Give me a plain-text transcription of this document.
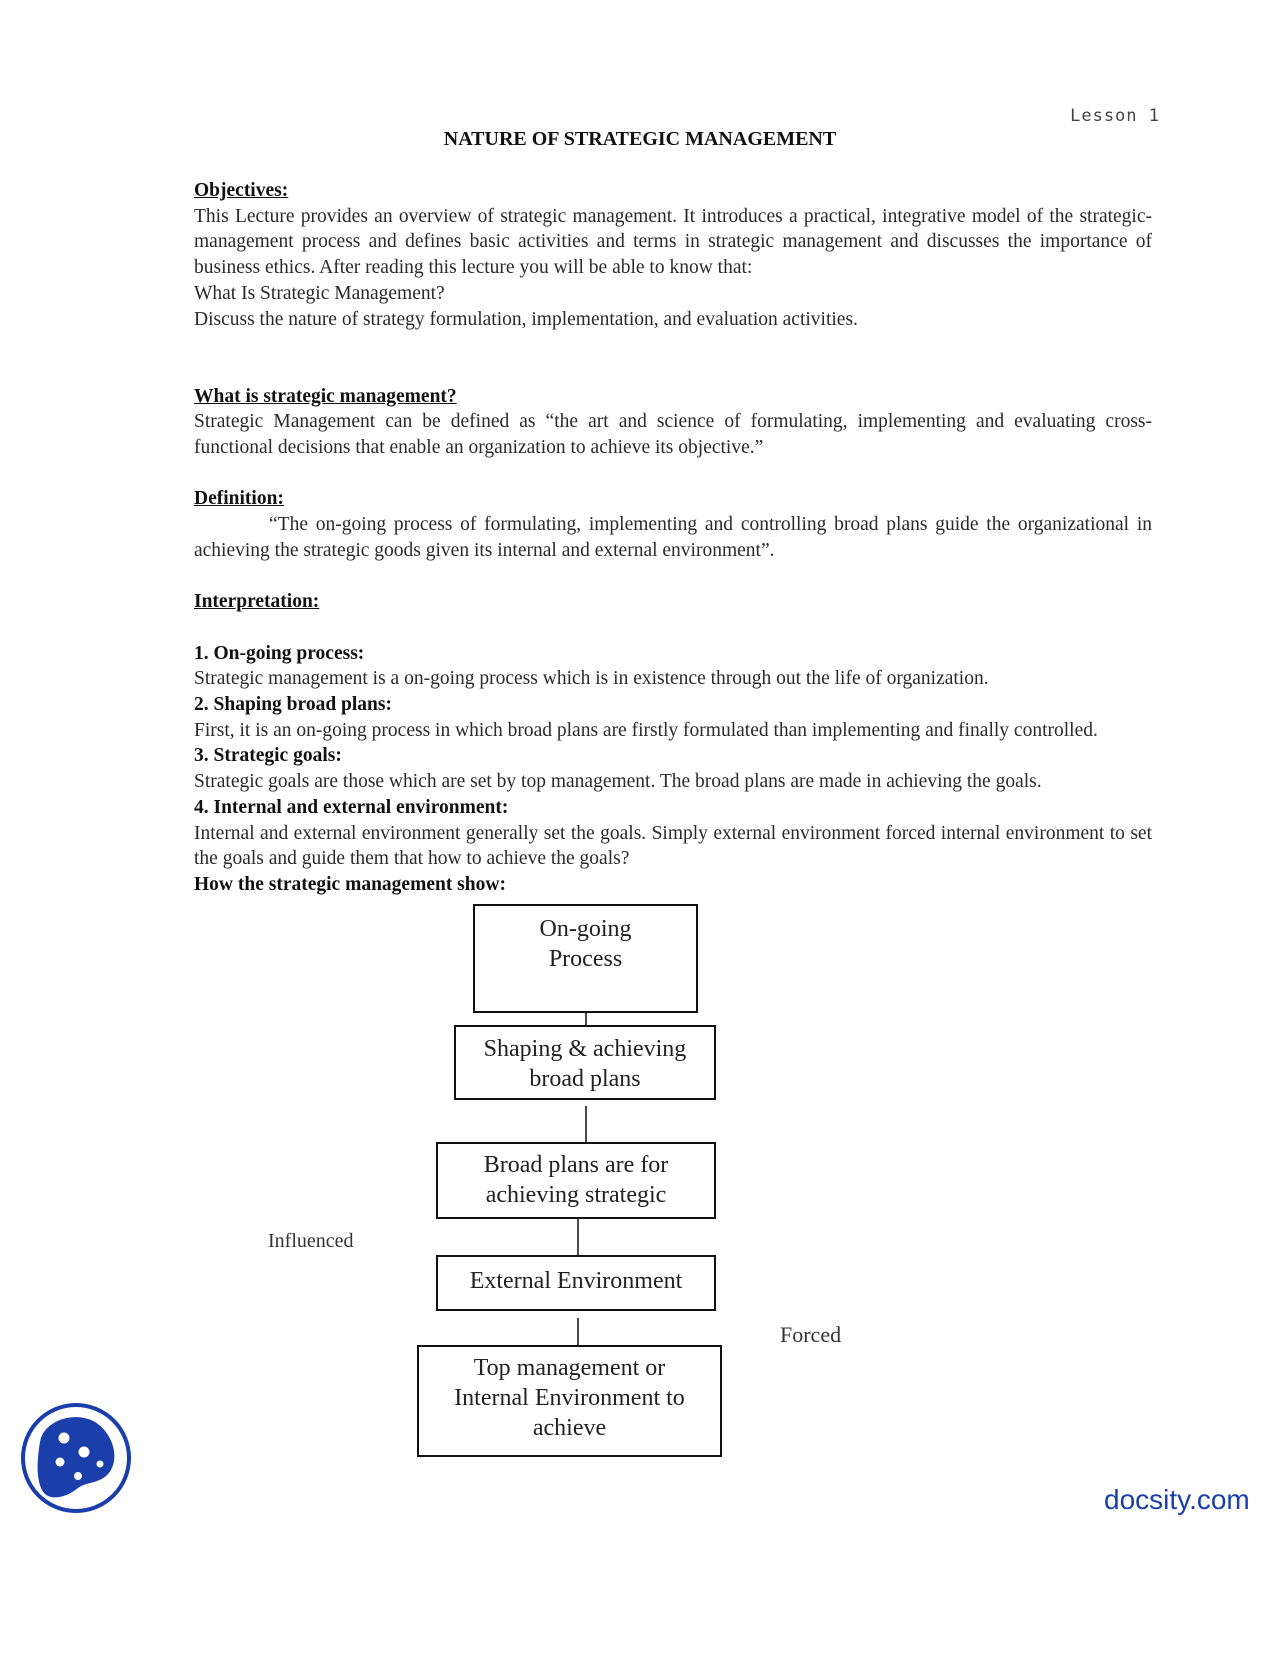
Lesson 1
NATURE OF STRATEGIC MANAGEMENT

Objectives:

This Lecture provides an overview of strategic management. It introduces a practical, integrative model of the strategic-management process and defines basic activities and terms in strategic management and discusses the importance of business ethics. After reading this lecture you will be able to know that:

What Is Strategic Management?

Discuss the nature of strategy formulation, implementation, and evaluation activities.

What is strategic management?

Strategic Management can be defined as “the art and science of formulating, implementing and evaluating cross-functional decisions that enable an organization to achieve its objective.”

Definition:

“The on-going process of formulating, implementing and controlling broad plans guide the organizational in achieving the strategic goods given its internal and external environment”.

Interpretation:

1. On-going process:

Strategic management is a on-going process which is in existence through out the life of organization.

2. Shaping broad plans:

First, it is an on-going process in which broad plans are firstly formulated than implementing and finally controlled.

3. Strategic goals:

Strategic goals are those which are set by top management. The broad plans are made in achieving the goals.

4. Internal and external environment:

Internal and external environment generally set the goals. Simply external environment forced internal environment to set the goals and guide them that how to achieve the goals?

How the strategic management show:

On-going
Process
Shaping & achieving
broad plans
Broad plans are for
achieving strategic
External Environment
Top management or
Internal Environment to
achieve
Influenced
Forced
docsity.com
